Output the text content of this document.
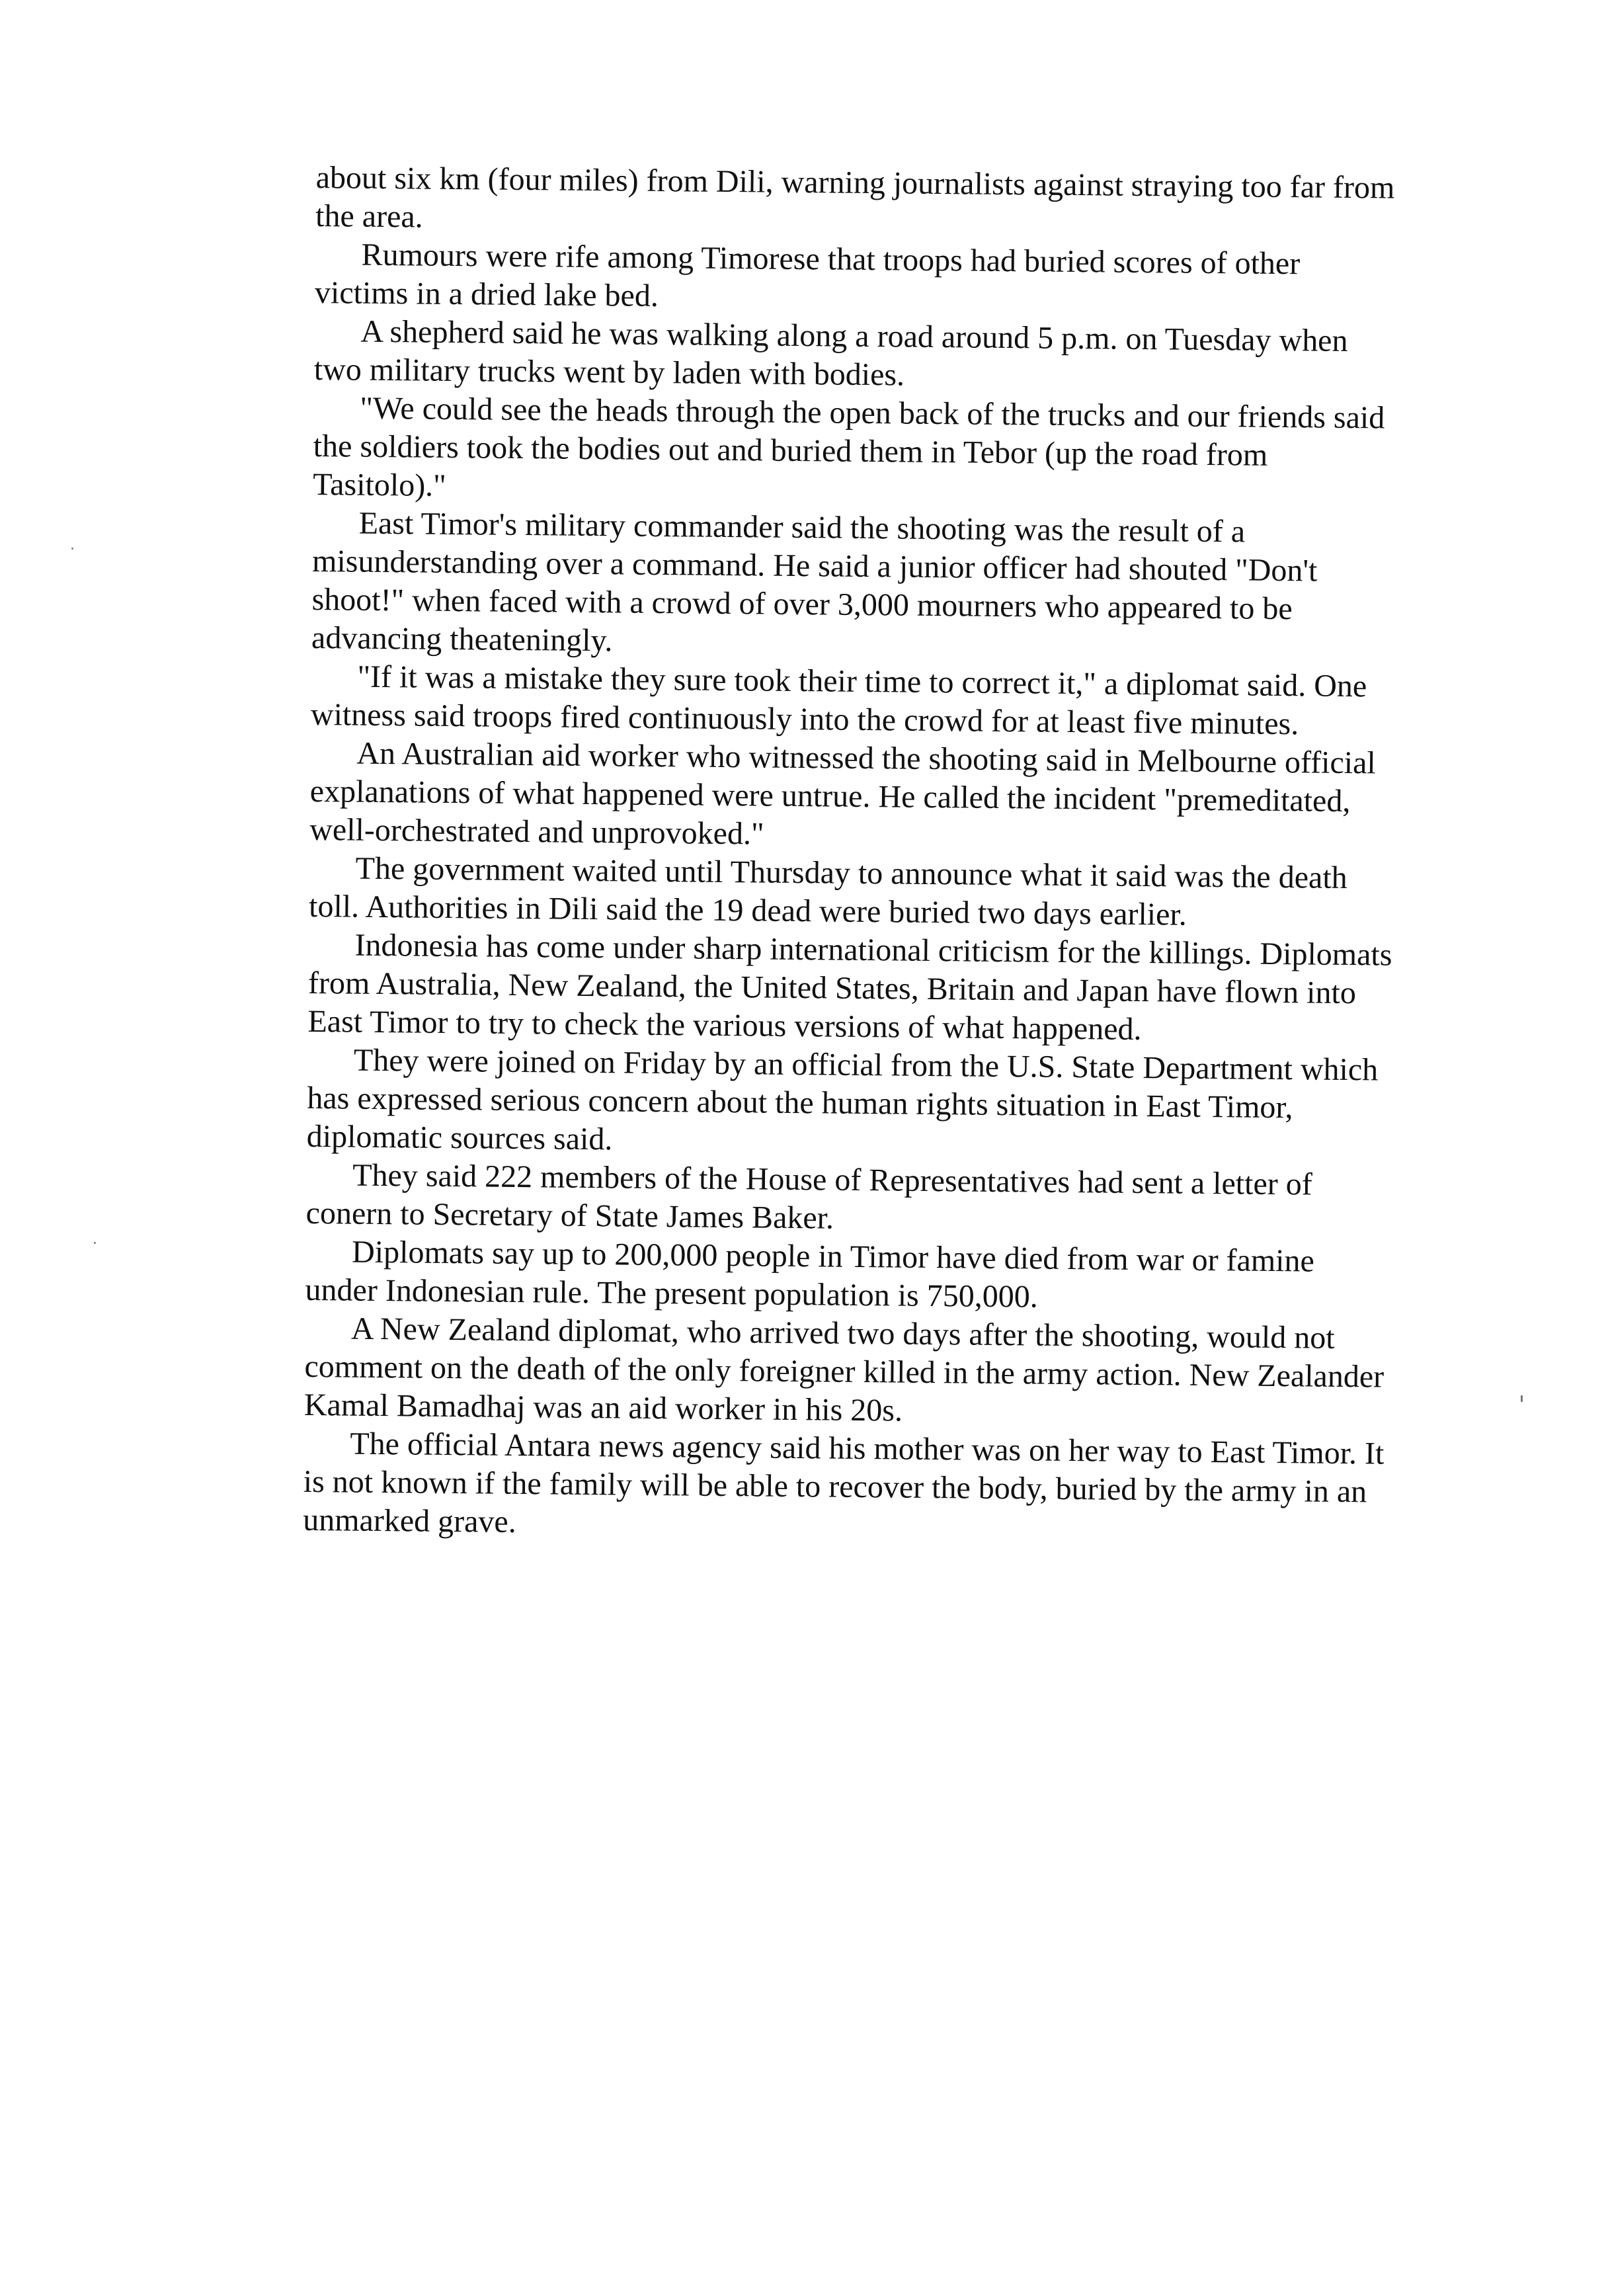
about six km (four miles) from Dili, warning journalists against straying too far from the area.

Rumours were rife among Timorese that troops had buried scores of other victims in a dried lake bed.

A shepherd said he was walking along a road around 5 p.m. on Tuesday when two military trucks went by laden with bodies.

"We could see the heads through the open back of the trucks and our friends said the soldiers took the bodies out and buried them in Tebor (up the road from Tasitolo)."

East Timor's military commander said the shooting was the result of a misunderstanding over a command. He said a junior officer had shouted "Don't shoot!" when faced with a crowd of over 3,000 mourners who appeared to be advancing theateningly.

"If it was a mistake they sure took their time to correct it," a diplomat said. One witness said troops fired continuously into the crowd for at least five minutes.

An Australian aid worker who witnessed the shooting said in Melbourne official explanations of what happened were untrue. He called the incident "premeditated, well-orchestrated and unprovoked."

The government waited until Thursday to announce what it said was the death toll. Authorities in Dili said the 19 dead were buried two days earlier.

Indonesia has come under sharp international criticism for the killings. Diplomats from Australia, New Zealand, the United States, Britain and Japan have flown into East Timor to try to check the various versions of what happened.

They were joined on Friday by an official from the U.S. State Department which has expressed serious concern about the human rights situation in East Timor, diplomatic sources said.

They said 222 members of the House of Representatives had sent a letter of conern to Secretary of State James Baker.

Diplomats say up to 200,000 people in Timor have died from war or famine under Indonesian rule. The present population is 750,000.

A New Zealand diplomat, who arrived two days after the shooting, would not comment on the death of the only foreigner killed in the army action. New Zealander Kamal Bamadhaj was an aid worker in his 20s.

The official Antara news agency said his mother was on her way to East Timor. It is not known if the family will be able to recover the body, buried by the army in an unmarked grave.
